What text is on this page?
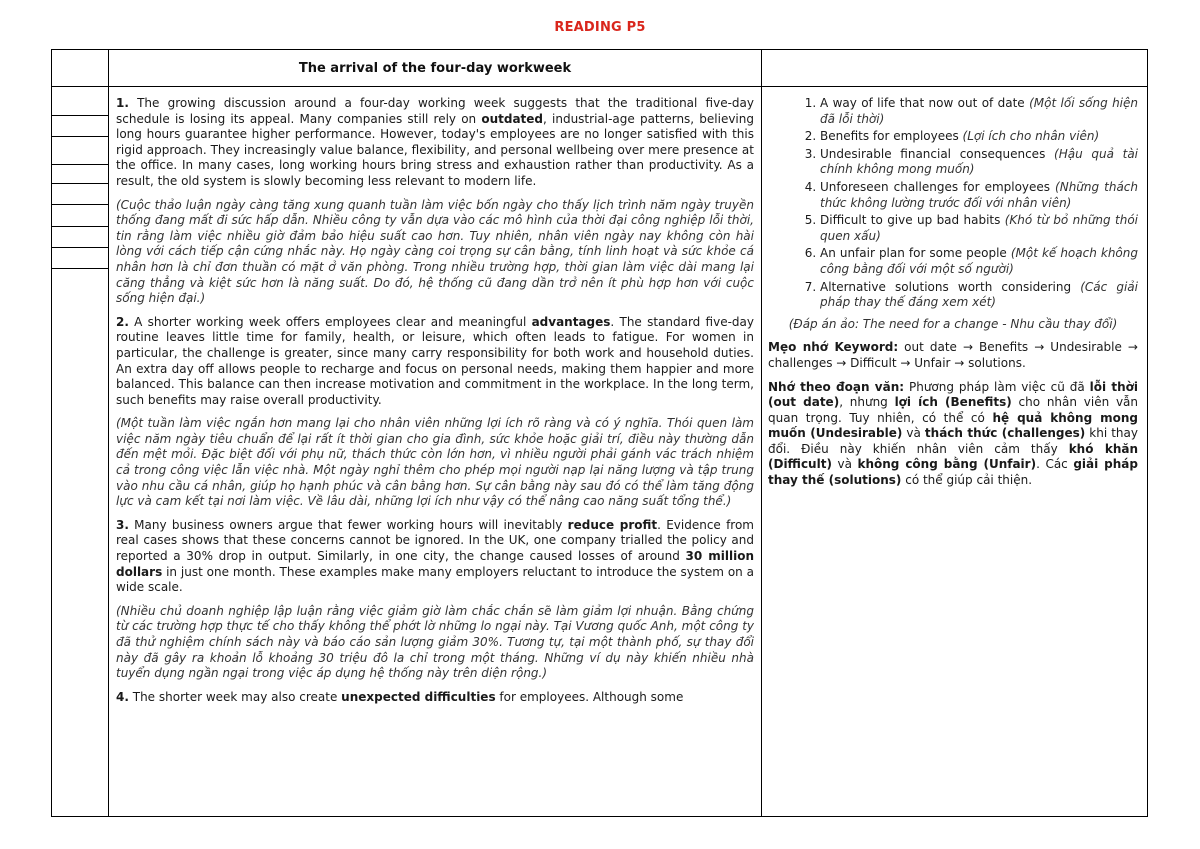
READING P5
The arrival of the four-day workweek

1. The growing discussion around a four-day working week suggests that the traditional five-day schedule is losing its appeal. Many companies still rely on outdated, industrial-age patterns, believing long hours guarantee higher performance. However, today's employees are no longer satisfied with this rigid approach. They increasingly value balance, flexibility, and personal wellbeing over mere presence at the office. In many cases, long working hours bring stress and exhaustion rather than productivity. As a result, the old system is slowly becoming less relevant to modern life.

(Cuộc thảo luận ngày càng tăng xung quanh tuần làm việc bốn ngày cho thấy lịch trình năm ngày truyền thống đang mất đi sức hấp dẫn. Nhiều công ty vẫn dựa vào các mô hình của thời đại công nghiệp lỗi thời, tin rằng làm việc nhiều giờ đảm bảo hiệu suất cao hơn. Tuy nhiên, nhân viên ngày nay không còn hài lòng với cách tiếp cận cứng nhắc này. Họ ngày càng coi trọng sự cân bằng, tính linh hoạt và sức khỏe cá nhân hơn là chỉ đơn thuần có mặt ở văn phòng. Trong nhiều trường hợp, thời gian làm việc dài mang lại căng thẳng và kiệt sức hơn là năng suất. Do đó, hệ thống cũ đang dần trở nên ít phù hợp hơn với cuộc sống hiện đại.)

2. A shorter working week offers employees clear and meaningful advantages. The standard five-day routine leaves little time for family, health, or leisure, which often leads to fatigue. For women in particular, the challenge is greater, since many carry responsibility for both work and household duties. An extra day off allows people to recharge and focus on personal needs, making them happier and more balanced. This balance can then increase motivation and commitment in the workplace. In the long term, such benefits may raise overall productivity.

(Một tuần làm việc ngắn hơn mang lại cho nhân viên những lợi ích rõ ràng và có ý nghĩa. Thói quen làm việc năm ngày tiêu chuẩn để lại rất ít thời gian cho gia đình, sức khỏe hoặc giải trí, điều này thường dẫn đến mệt mỏi. Đặc biệt đối với phụ nữ, thách thức còn lớn hơn, vì nhiều người phải gánh vác trách nhiệm cả trong công việc lẫn việc nhà. Một ngày nghỉ thêm cho phép mọi người nạp lại năng lượng và tập trung vào nhu cầu cá nhân, giúp họ hạnh phúc và cân bằng hơn. Sự cân bằng này sau đó có thể làm tăng động lực và cam kết tại nơi làm việc. Về lâu dài, những lợi ích như vậy có thể nâng cao năng suất tổng thể.)

3. Many business owners argue that fewer working hours will inevitably reduce profit. Evidence from real cases shows that these concerns cannot be ignored. In the UK, one company trialled the policy and reported a 30% drop in output. Similarly, in one city, the change caused losses of around 30 million dollars in just one month. These examples make many employers reluctant to introduce the system on a wide scale.

(Nhiều chủ doanh nghiệp lập luận rằng việc giảm giờ làm chắc chắn sẽ làm giảm lợi nhuận. Bằng chứng từ các trường hợp thực tế cho thấy không thể phớt lờ những lo ngại này. Tại Vương quốc Anh, một công ty đã thử nghiệm chính sách này và báo cáo sản lượng giảm 30%. Tương tự, tại một thành phố, sự thay đổi này đã gây ra khoản lỗ khoảng 30 triệu đô la chỉ trong một tháng. Những ví dụ này khiến nhiều nhà tuyển dụng ngần ngại trong việc áp dụng hệ thống này trên diện rộng.)

4. The shorter week may also create unexpected difficulties for employees. Although some

1. A way of life that now out of date (Một lối sống hiện đã lỗi thời)
2. Benefits for employees (Lợi ích cho nhân viên)
3. Undesirable financial consequences (Hậu quả tài chính không mong muốn)
4. Unforeseen challenges for employees (Những thách thức không lường trước đối với nhân viên)
5. Difficult to give up bad habits (Khó từ bỏ những thói quen xấu)
6. An unfair plan for some people (Một kế hoạch không công bằng đối với một số người)
7. Alternative solutions worth considering (Các giải pháp thay thế đáng xem xét)

(Đáp án ảo: The need for a change - Nhu cầu thay đổi)

Mẹo nhớ Keyword: out date → Benefits → Undesirable → challenges → Difficult → Unfair → solutions.

Nhớ theo đoạn văn: Phương pháp làm việc cũ đã lỗi thời (out date), nhưng lợi ích (Benefits) cho nhân viên vẫn quan trọng. Tuy nhiên, có thể có hệ quả không mong muốn (Undesirable) và thách thức (challenges) khi thay đổi. Điều này khiến nhân viên cảm thấy khó khăn (Difficult) và không công bằng (Unfair). Các giải pháp thay thế (solutions) có thể giúp cải thiện.
